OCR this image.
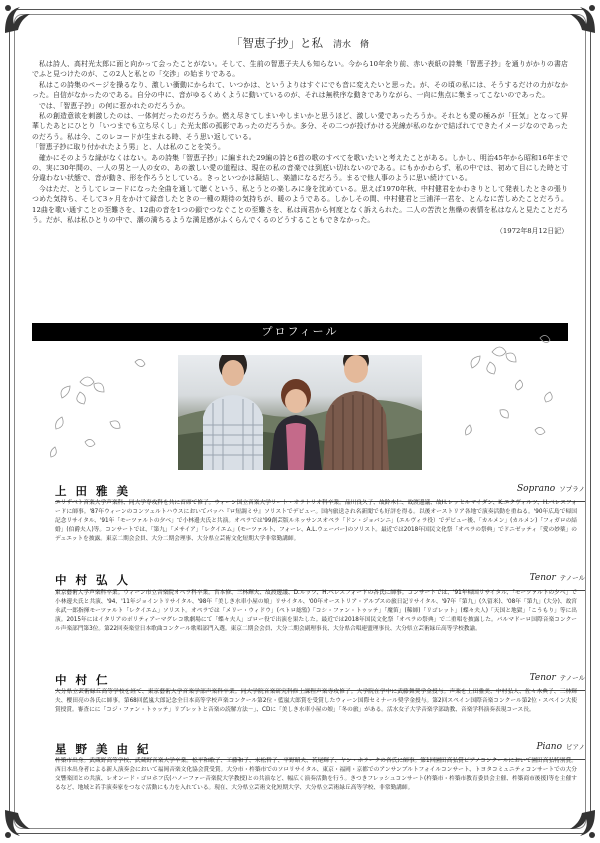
「智恵子抄」と私 清水　脩

私は詩人、高村光太郎に面と向かって会ったことがない。そして、生前の智恵子夫人も知らない。今から10年余り前、赤い表紙の詩集「智恵子抄」を通りがかりの書店でふと見つけたのが、この2人と私との「交渉」の始まりである。

私はこの詩集のページを操るなり、激しい衝動にかられて、いつかは、というよりはすぐにでも音に変えたいと思った。が、その頃の私には、そうするだけの力がなかった。自信がなかったのである。自分の中に、音がゆるくめくように動いているのが、それは無秩序な動きでありながら、一向に焦点に集まってこないのであった。

では、「智恵子抄」の何に惹かれたのだろうか。

私の創造意欲を刺激したのは、一体何だったのだろうか。燃え尽きてしまいやしまいかと思うほど、激しい愛であったろうか。それとも愛の極みが「狂気」となって昇華したあとにひとり「いつまでも立ち尽くし」た光太郎の孤影であったのだろうか。多分、その二つが投げかける光線が私のなかで結ばれてできたイメージなのであったのだろう。私は今、このレコードが生まれる時、そう思い返している。

「智恵子抄に取り付かれたよう男」と、人は私のことを笑う。

確かにそのような縁がなくはない。あの詩集「智恵子抄」に編まれた29編の詩と6首の歌のすべてを歌いたいと考えたことがある。しかし、明治45年から昭和16年までの、実に30年間の、一人の男と一人の女の、あの激しい愛の道程は、現在の私の音楽では到底い切れないのである。にもかかわらず、私の中では、初めて目にした時と寸分違わない状態で、音が動き、形を作ろうとしている。きっといつかは凝結し、楽譜になるだろう。まるで他人事のように思い続けている。

今はただ、とうしてレコードになった全曲を通して聴くという、私とうとの楽しみに身を沈めている。思えば1970年秋、中村健君をかわきりとして発表したときの張りつめた気持ち、そして3ヶ月をかけて録音したときの一種の期待の気持ちが、暖のようである。しかしその間、中村健君と三浦洋一君を、とんなに苦しめたことだろう。12曲を歌い通すことの至難さを、12曲の音を1つの鎖でつなぐことの至難さを、私は両君から何度となく訴えられた。二人の苦渋と焦燥の表情を私はなんと見たことだろう。だが、私は私ひとりの中で、潮の満ちるような満足感がふくらんでくるのどうすることもできなかった。

（1972年8月12日記）

プロフィール
上田雅美	Soprano ソプラノ

エリザベト音楽大学声楽科、同大学専攻科を共に首席で修了。ウィーン国立音楽大学リート・オラトリオ科卒業。品川良久子、故鈴木仁、故渡邊議、故H.レッセルマイダン、K.エクヴィルツ、H.ベレスフォードに師事。'87年ウィーンのコンツェルトハウスにおいてバッハ『ロ短調ミサ』ソリストでデビュー。国内旅送され名新聞でも好評を得る。以後オーストリア各地で演奏活動を重ねる。'90年広島で帰国記念リサイタル、'91年「モーツァルトの夕べ」で小林邊夫氏と共演。オペラでは'99創芸版ルネッサンスオペラ「ドン・ジョバンニ」(エルヴィラ役）でデビュー後、「カルメン」(カルメン)「フィガロの結婚」(伯爵夫人)等。コンサートでは、「第九」「メサイア」「レクイエム」(モーツァルト、フォーレ、A.L.ウェーバー)のソリスト。最近では2018年国民文化祭「オペラの祭典」でドニゼッティ「愛の妙薬」のデュエットを披露。東京二期会会員、大分二期会理事、大分県立芸術文化短期大学非常勤講師。

中村弘人	Tenor テノール

東京藝術大学声楽科卒業。ウィーン市立音楽院オペラ科卒業。宮本修、三林輝夫、故渡邊議、D.ルッツ、H.ベレスフォードの各氏に師事。コンサートでは、'91年帰国リサイタル、「モーツァルトの夕べ」で小林邊夫氏と共演、'94、'11年ジョイントリサイタル、'98年「美しき水車小屋の娘」リサイタル、'00年オーストリア・アルプスの旅日記リサイタル、'97年「第九」(久留米)、'08年「第九」(大分)、故宮永武一郎指揮モーツァルト「レクイエム」ソリスト。オペラでは「メリー・ウィドウ」(ペトロ総監)「コシ・ファン・トゥッテ」「魔笛」(稀師)「リゴレット」(蝶々夫人)「天国と地獄」「こうもり」等に出演。2015年にはイタリアのポリティアーマグレコ歌劇場にて「蝶々夫人」ゴロー役で出演を果たした。最近では2018年国民文化祭「オペラの祭典」で二重唱を披露した。パルマドーロ国際音楽コンクール声楽部門第3位。第22回奏楽堂日本歌曲コンクール歌唱部門入選。東京二期会会員、大分二期会副理事長、大分県合唱連盟理事長、大分県立芸術緑丘高等学校教諭。

中村仁	Tenor テノール

大分県立芸術緑丘高等学校を経て、東京藝術大学音楽学部声楽科卒業。同大学院音楽研究科修士課程声楽専攻修了。大学院在学中に武藤舞奨学金授与。声楽を上田雅美、中村弘人、佐々木典子、三林輝夫、櫻田亮の各氏に師事。第68回藍嵐大郎記念全日本高等学校声楽コンクール第2位・藍嵐大郎賞を受賞したウィーン国際セミナール奨学金授与。第2回スペイン国際音楽コンクール第2位・スペイン大使賞授賞。審査にに「コジ・ファン・トゥッテ」リブレットと音楽の読解方法－」、CDに「美しき水車小屋の娘」「冬の旅」がある。活水女子大学音楽学部助教、音楽学科演奏表現コース長。

星野美由紀	Piano ピアノ

杵築市出身。武蔵野高等学校、武蔵野音楽大学卒業。松平和歌子、工藤和子、末松哲子、平野昭夫、若尾輝子、ヤン・ホラークの各氏に師事。第1回園田高弘賞ピアノコンクールにおいて園田高弘特別賞。西日本出身者による新人演奏会において福岡音楽文化協会賞受賞。大分市・杵築市でのソロリサイタル、東京・福岡・京都でのアンサンブルトフォイルコンサート、トヨタコミュニティコンサートでの大分交響楽団との共演、レオンード・ゴロホフ氏(ハノーファー音楽院大学教授)との共演など、幅広く演奏活動を行う。きつきフレッシュコンサート(杵築市・杵築市教育委員会主催、杵築商市後援)等を主催するなど、地域と若手演奏家をつなぐ活動にも力を入れている。現在、大分県立芸術文化短期大学、大分県立芸術緑丘高等学校、非常勤講師。
